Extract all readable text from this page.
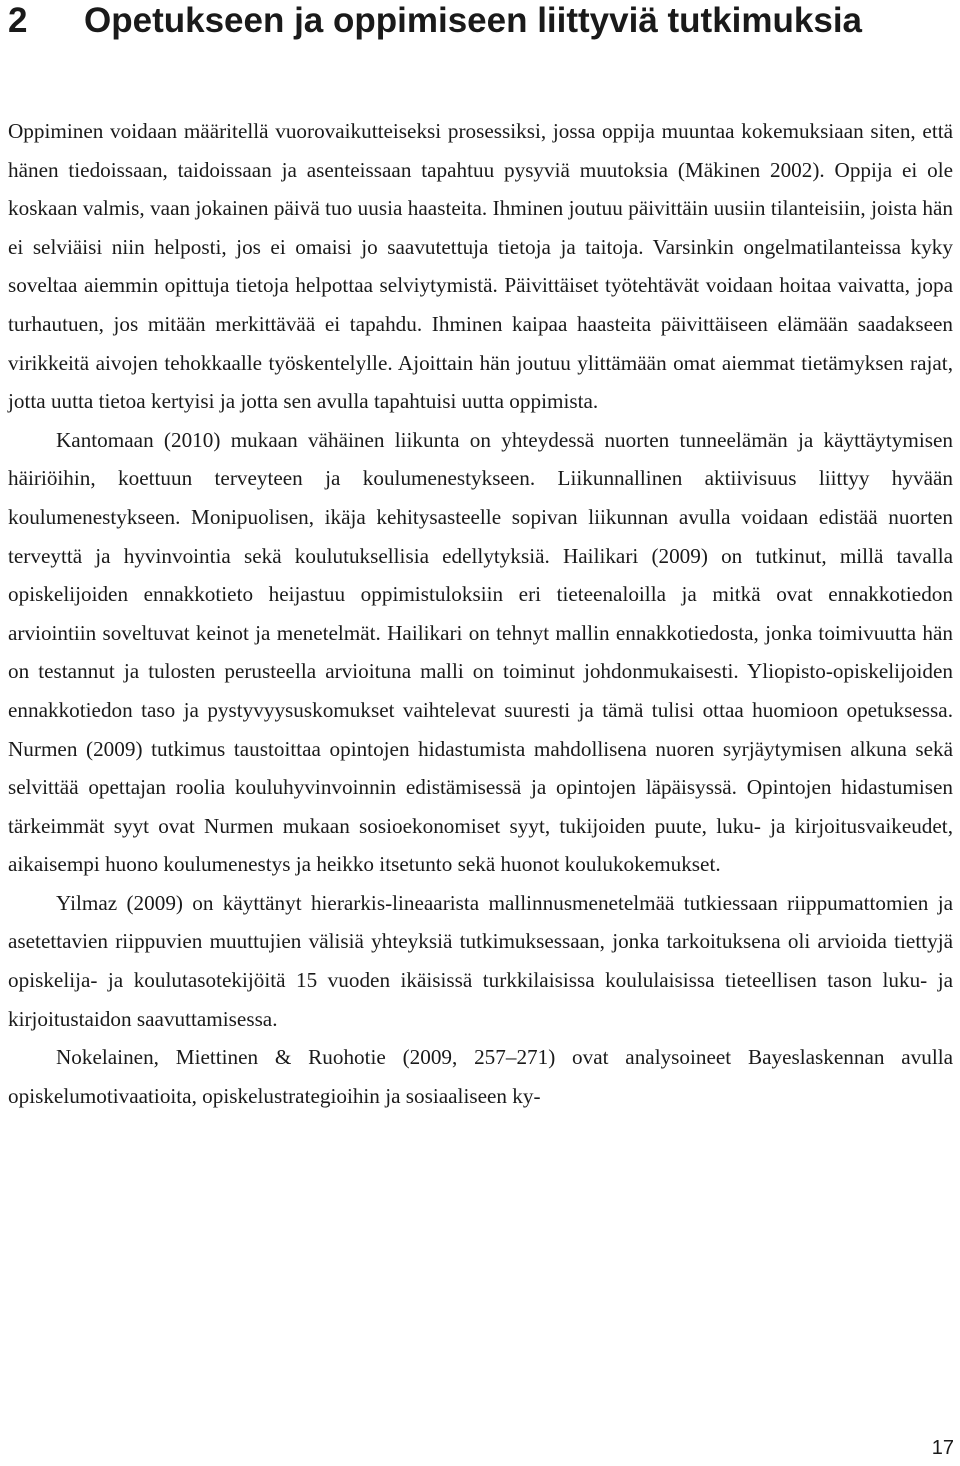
2	Opetukseen ja oppimiseen liittyviä tutkimuksia

Oppiminen voidaan määritellä vuorovaikutteiseksi prosessiksi, jossa oppija muuntaa kokemuksiaan siten, että hänen tiedoissaan, taidoissaan ja asenteissaan tapahtuu pysyviä muutoksia (Mäkinen 2002). Oppija ei ole koskaan valmis, vaan jokainen päivä tuo uusia haasteita. Ihminen joutuu päivittäin uusiin tilanteisiin, joista hän ei selviäisi niin helposti, jos ei omaisi jo saavutettuja tietoja ja taitoja. Varsinkin ongelmatilanteissa kyky soveltaa aiemmin opittuja tietoja helpottaa selviytymistä. Päivittäiset työtehtävät voidaan hoitaa vaivatta, jopa turhautuen, jos mitään merkittävää ei tapahdu. Ihminen kaipaa haasteita päivittäiseen elämään saadakseen virikkeitä aivojen tehokkaalle työskentelylle. Ajoittain hän joutuu ylittämään omat aiemmat tietämyksen rajat, jotta uutta tietoa kertyisi ja jotta sen avulla tapahtuisi uutta oppimista.

Kantomaan (2010) mukaan vähäinen liikunta on yhteydessä nuorten tunneelämän ja käyttäytymisen häiriöihin, koettuun terveyteen ja koulumenestykseen. Liikunnallinen aktiivisuus liittyy hyvään koulumenestykseen. Monipuolisen, ikäja kehitysasteelle sopivan liikunnan avulla voidaan edistää nuorten terveyttä ja hyvinvointia sekä koulutuksellisia edellytyksiä. Hailikari (2009) on tutkinut, millä tavalla opiskelijoiden ennakkotieto heijastuu oppimistuloksiin eri tieteenaloilla ja mitkä ovat ennakkotiedon arviointiin soveltuvat keinot ja menetelmät. Hailikari on tehnyt mallin ennakkotiedosta, jonka toimivuutta hän on testannut ja tulosten perusteella arvioituna malli on toiminut johdonmukaisesti. Yliopisto-opiskelijoiden ennakkotiedon taso ja pystyvyysuskomukset vaihtelevat suuresti ja tämä tulisi ottaa huomioon opetuksessa. Nurmen (2009) tutkimus taustoittaa opintojen hidastumista mahdollisena nuoren syrjäytymisen alkuna sekä selvittää opettajan roolia kouluhyvinvoinnin edistämisessä ja opintojen läpäisyssä. Opintojen hidastumisen tärkeimmät syyt ovat Nurmen mukaan sosioekonomiset syyt, tukijoiden puute, luku- ja kirjoitusvaikeudet, aikaisempi huono koulumenestys ja heikko itsetunto sekä huonot koulukokemukset.

Yilmaz (2009) on käyttänyt hierarkis-lineaarista mallinnusmenetelmää tutkiessaan riippumattomien ja asetettavien riippuvien muuttujien välisiä yhteyksiä tutkimuksessaan, jonka tarkoituksena oli arvioida tiettyjä opiskelija- ja koulutasotekijöitä 15 vuoden ikäisissä turkkilaisissa koululaisissa tieteellisen tason luku- ja kirjoitustaidon saavuttamisessa.

Nokelainen, Miettinen & Ruohotie (2009, 257–271) ovat analysoineet Bayeslaskennan avulla opiskelumotivaatioita, opiskelustrategioihin ja sosiaaliseen ky-

17
